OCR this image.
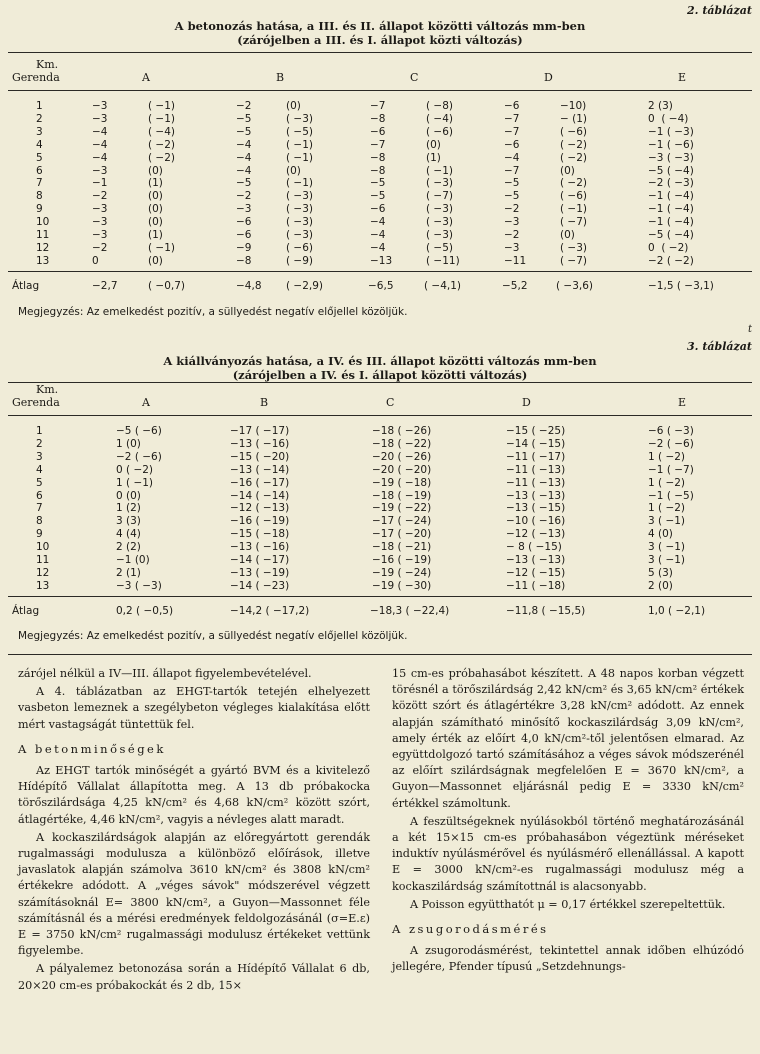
2. táblázat
A betonozás hatása, a III. és II. állapot közötti változás mm-ben
(zárójelben a III. és I. állapot közti változás)
Km.
Gerenda	A	B	C	D	E
1	−3	( −1)	−2	(0)	−7	( −8)	−6	−10)	2 (3)
2	−3	( −1)	−5	( −3)	−8	( −4)	−7	− (1)	0  ( −4)
3	−4	( −4)	−5	( −5)	−6	( −6)	−7	( −6)	−1 ( −3)
4	−4	( −2)	−4	( −1)	−7	(0)	−6	( −2)	−1 ( −6)
5	−4	( −2)	−4	( −1)	−8	(1)	−4	( −2)	−3 ( −3)
6	−3	(0)	−4	(0)	−8	( −1)	−7	(0)	−5 ( −4)
7	−1	(1)	−5	( −1)	−5	( −3)	−5	( −2)	−2 ( −3)
8	−2	(0)	−2	( −3)	−5	( −7)	−5	( −6)	−1 ( −4)
9	−3	(0)	−3	( −3)	−6	( −3)	−2	( −1)	−1 ( −4)
10	−3	(0)	−6	( −3)	−4	( −3)	−3	( −7)	−1 ( −4)
11	−3	(1)	−6	( −3)	−4	( −3)	−2	(0)	−5 ( −4)
12	−2	( −1)	−9	( −6)	−4	( −5)	−3	( −3)	0  ( −2)
13	0	(0)	−8	( −9)	−13	( −11)	−11	( −7)	−2 ( −2)
Átlag	−2,7	( −0,7)	−4,8 ( −2,9)	−6,5	( −4,1)	−5,2	( −3,6)	−1,5 ( −3,1)
Megjegyzés: Az emelkedést pozitív, a süllyedést negatív előjellel közöljük.
t
3. táblázat
A kiállványozás hatása, a IV. és III. állapot közötti változás mm-ben
(zárójelben a IV. és I. állapot közötti változás)
Km.
Gerenda	A	B	C	D	E
1	−5 ( −6)	−17 ( −17)	−18 ( −26)	−15 ( −25)	−6 ( −3)
2	1 (0)	−13 ( −16)	−18 ( −22)	−14 ( −15)	−2 ( −6)
3	−2 ( −6)	−15 ( −20)	−20 ( −26)	−11 ( −17)	1 ( −2)
4	0 ( −2)	−13 ( −14)	−20 ( −20)	−11 ( −13)	−1 ( −7)
5	1 ( −1)	−16 ( −17)	−19 ( −18)	−11 ( −13)	1 ( −2)
6	0 (0)	−14 ( −14)	−18 ( −19)	−13 ( −13)	−1 ( −5)
7	1 (2)	−12 ( −13)	−19 ( −22)	−13 ( −15)	1 ( −2)
8	3 (3)	−16 ( −19)	−17 ( −24)	−10 ( −16)	3 ( −1)
9	4 (4)	−15 ( −18)	−17 ( −20)	−12 ( −13)	4 (0)
10	2 (2)	−13 ( −16)	−18 ( −21)	− 8 ( −15)	3 ( −1)
11	−1 (0)	−14 ( −17)	−16 ( −19)	−13 ( −13)	3 ( −1)
12	2 (1)	−13 ( −19)	−19 ( −24)	−12 ( −15)	5 (3)
13	−3 ( −3)	−14 ( −23)	−19 ( −30)	−11 ( −18)	2 (0)
Átlag	0,2 ( −0,5)	−14,2 ( −17,2)	−18,3 ( −22,4)	−11,8 ( −15,5)	1,0 ( −2,1)
Megjegyzés: Az emelkedést pozitív, a süllyedést negatív előjellel közöljük.

zárójel nélkül a IV—III. állapot figyelembevételével.

A 4. táblázatban az EHGT-tartók tetején elhelyezett vasbeton lemeznek a szegélybeton végleges kialakítása előtt mért vastagságát tüntettük fel.

A betonminőségek

Az EHGT tartók minőségét a gyártó BVM és a kivitelező Hídépítő Vállalat állapította meg. A 13 db próbakocka törőszilárdsága 4,25 kN/cm² és 4,68 kN/cm² között szórt, átlagértéke, 4,46 kN/cm², vagyis a névleges alatt maradt.

A kockaszilárdságok alapján az előregyártott gerendák rugalmassági modulusza a különböző előírások, illetve javaslatok alapján számolva 3610 kN/cm² és 3808 kN/cm² értékekre adódott. A „véges sávok" módszerével végzett számításoknál E= 3800 kN/cm², a Guyon—Massonnet féle számításnál és a mérési eredmények feldolgozásánál (σ=E.ε) E = 3750 kN/cm² rugalmassági modulusz értékeket vettünk figyelembe.

A pályalemez betonozása során a Hídépítő Vállalat 6 db, 20×20 cm-es próbakockát és 2 db, 15×

15 cm-es próbahasábot készített. A 48 napos korban végzett törésnél a törőszilárdság 2,42 kN/cm² és 3,65 kN/cm² értékek között szórt és átlagértékre 3,28 kN/cm² adódott. Az ennek alapján számítható minősítő kockaszilárdság 3,09 kN/cm², amely érték az előírt 4,0 kN/cm²-től jelentősen elmarad. Az együttdolgozó tartó számításához a véges sávok módszerénél az előírt szilárdságnak megfelelően E = 3670 kN/cm², a Guyon—Massonnet eljárásnál pedig E = 3330 kN/cm² értékkel számoltunk.

A feszültségeknek nyúlásokból történő meghatározásánál a két 15×15 cm-es próbahasábon végeztünk méréseket induktív nyúlásmérővel és nyúlásmérő ellenállással. A kapott E = 3000 kN/cm²-es rugalmassági modulusz még a kockaszilárdság számítottnál is alacsonyabb.

A Poisson együtthatót μ = 0,17 értékkel szerepeltettük.

A zsugorodásmérés

A zsugorodásmérést, tekintettel annak időben elhúzódó jellegére, Pfender típusú „Setzdehnungs-
